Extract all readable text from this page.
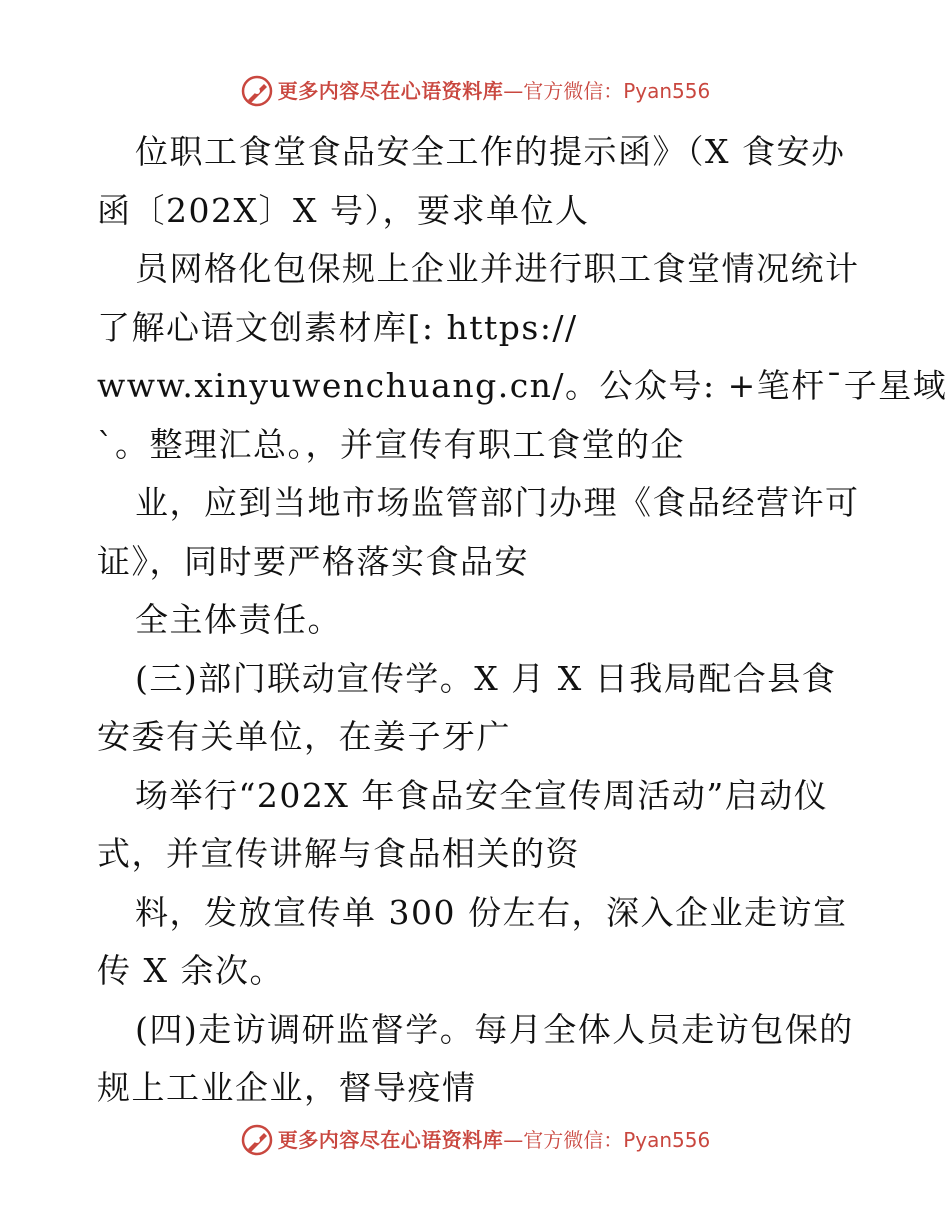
更多内容尽在心语资料库 — 官方微信：Pyan556
位职工食堂食品安全工作的提示函》（X 食安办
函〔202X〕X 号），要求单位人
员网格化包保规上企业并进行职工食堂情况统计
了解心语文创素材库[: https://
www.xinyuwenchuang.cn/。公众号: +笔杆¯子星域
`。整理汇总。，并宣传有职工食堂的企
业，应到当地市场监管部门办理《食品经营许可
证》，同时要严格落实食品安
全主体责任。
(三)部门联动宣传学。X 月 X 日我局配合县食
安委有关单位，在姜子牙广
场举行“202X 年食品安全宣传周活动”启动仪
式，并宣传讲解与食品相关的资
料，发放宣传单 300 份左右，深入企业走访宣
传 X 余次。
(四)走访调研监督学。每月全体人员走访包保的
规上工业企业，督导疫情
更多内容尽在心语资料库 — 官方微信：Pyan556
